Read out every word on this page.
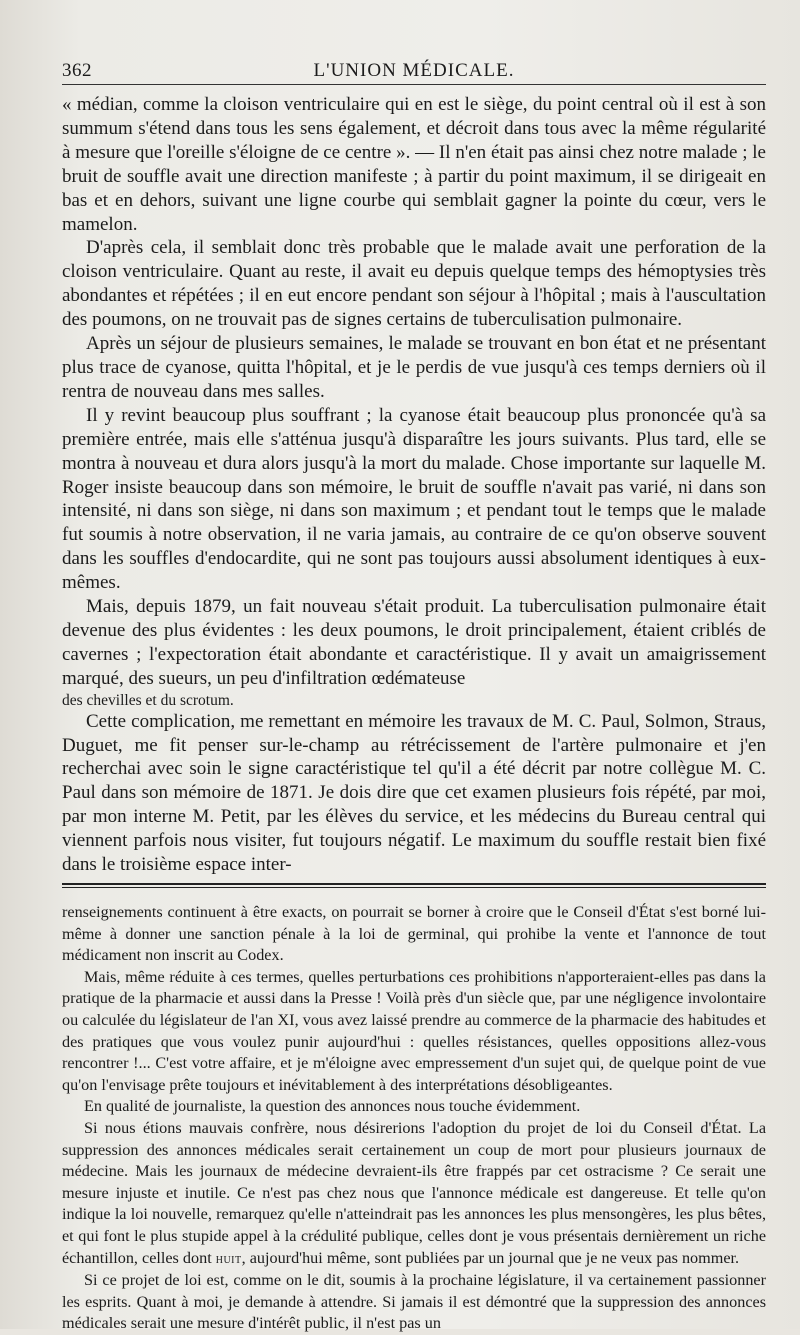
362	L'UNION MÉDICALE.

« médian, comme la cloison ventriculaire qui en est le siège, du point central où il est à son summum s'étend dans tous les sens également, et décroit dans tous avec la même régularité à mesure que l'oreille s'éloigne de ce centre ». — Il n'en était pas ainsi chez notre malade ; le bruit de souffle avait une direction manifeste ; à partir du point maximum, il se dirigeait en bas et en dehors, suivant une ligne courbe qui semblait gagner la pointe du cœur, vers le mamelon.

D'après cela, il semblait donc très probable que le malade avait une perforation de la cloison ventriculaire. Quant au reste, il avait eu depuis quelque temps des hémoptysies très abondantes et répétées ; il en eut encore pendant son séjour à l'hôpital ; mais à l'auscultation des poumons, on ne trouvait pas de signes certains de tuberculisation pulmonaire.

Après un séjour de plusieurs semaines, le malade se trouvant en bon état et ne présentant plus trace de cyanose, quitta l'hôpital, et je le perdis de vue jusqu'à ces temps derniers où il rentra de nouveau dans mes salles.

Il y revint beaucoup plus souffrant ; la cyanose était beaucoup plus prononcée qu'à sa première entrée, mais elle s'atténua jusqu'à disparaître les jours suivants. Plus tard, elle se montra à nouveau et dura alors jusqu'à la mort du malade. Chose importante sur laquelle M. Roger insiste beaucoup dans son mémoire, le bruit de souffle n'avait pas varié, ni dans son intensité, ni dans son siège, ni dans son maximum ; et pendant tout le temps que le malade fut soumis à notre observation, il ne varia jamais, au contraire de ce qu'on observe souvent dans les souffles d'endocardite, qui ne sont pas toujours aussi absolument identiques à eux-mêmes.

Mais, depuis 1879, un fait nouveau s'était produit. La tuberculisation pulmonaire était devenue des plus évidentes : les deux poumons, le droit principalement, étaient criblés de cavernes ; l'expectoration était abondante et caractéristique. Il y avait un amaigrissement marqué, des sueurs, un peu d'infiltration œdémateuse

des chevilles et du scrotum.

Cette complication, me remettant en mémoire les travaux de M. C. Paul, Solmon, Straus, Duguet, me fit penser sur-le-champ au rétrécissement de l'artère pulmonaire et j'en recherchai avec soin le signe caractéristique tel qu'il a été décrit par notre collègue M. C. Paul dans son mémoire de 1871. Je dois dire que cet examen plusieurs fois répété, par moi, par mon interne M. Petit, par les élèves du service, et les médecins du Bureau central qui viennent parfois nous visiter, fut toujours négatif. Le maximum du souffle restait bien fixé dans le troisième espace inter-

renseignements continuent à être exacts, on pourrait se borner à croire que le Conseil d'État s'est borné lui-même à donner une sanction pénale à la loi de germinal, qui prohibe la vente et l'annonce de tout médicament non inscrit au Codex.

Mais, même réduite à ces termes, quelles perturbations ces prohibitions n'apporteraient-elles pas dans la pratique de la pharmacie et aussi dans la Presse ! Voilà près d'un siècle que, par une négligence involontaire ou calculée du législateur de l'an XI, vous avez laissé prendre au commerce de la pharmacie des habitudes et des pratiques que vous voulez punir aujourd'hui : quelles résistances, quelles oppositions allez-vous rencontrer !... C'est votre affaire, et je m'éloigne avec empressement d'un sujet qui, de quelque point de vue qu'on l'envisage prête toujours et inévitablement à des interprétations désobligeantes.

En qualité de journaliste, la question des annonces nous touche évidemment.

Si nous étions mauvais confrère, nous désirerions l'adoption du projet de loi du Conseil d'État. La suppression des annonces médicales serait certainement un coup de mort pour plusieurs journaux de médecine. Mais les journaux de médecine devraient-ils être frappés par cet ostracisme ? Ce serait une mesure injuste et inutile. Ce n'est pas chez nous que l'annonce médicale est dangereuse. Et telle qu'on indique la loi nouvelle, remarquez qu'elle n'atteindrait pas les annonces les plus mensongères, les plus bêtes, et qui font le plus stupide appel à la crédulité publique, celles dont je vous présentais dernièrement un riche échantillon, celles dont huit, aujourd'hui même, sont publiées par un journal que je ne veux pas nommer.

Si ce projet de loi est, comme on le dit, soumis à la prochaine législature, il va certainement passionner les esprits. Quant à moi, je demande à attendre. Si jamais il est démontré que la suppression des annonces médicales serait une mesure d'intérêt public, il n'est pas un
